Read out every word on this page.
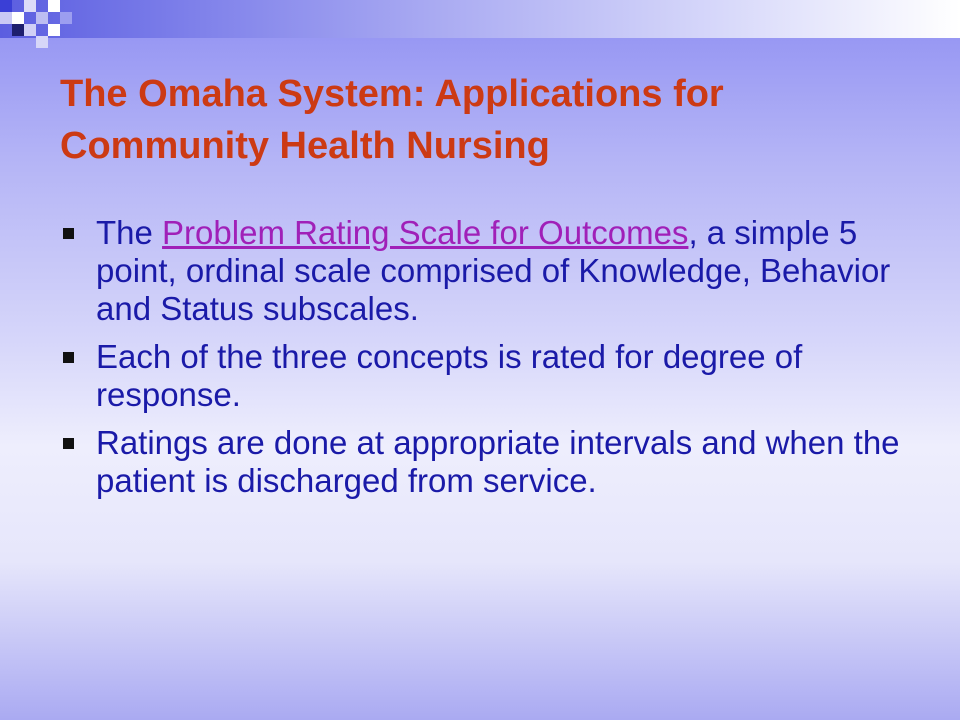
The Omaha System: Applications for Community Health Nursing
The Problem Rating Scale for Outcomes, a simple 5 point, ordinal scale comprised of Knowledge, Behavior and Status subscales.
Each of the three concepts is rated for degree of response.
Ratings are done at appropriate intervals and when the patient is discharged from service.
